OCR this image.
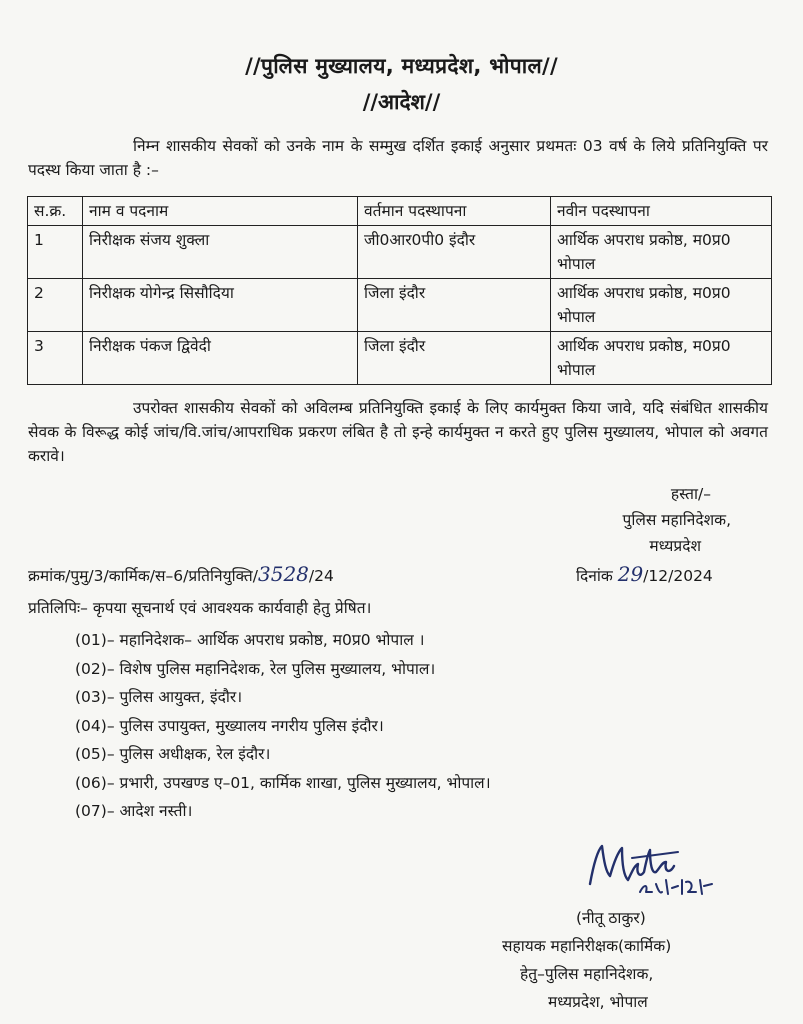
//पुलिस मुख्यालय, मध्यप्रदेश, भोपाल//
//आदेश//
निम्न शासकीय सेवकों को उनके नाम के सम्मुख दर्शित इकाई अनुसार प्रथमतः 03 वर्ष के लिये प्रतिनियुक्ति पर पदस्थ किया जाता है :–
स.क्र.	नाम व पदनाम	वर्तमान पदस्थापना	नवीन पदस्थापना
1	निरीक्षक संजय शुक्ला	जी0आर0पी0 इंदौर	आर्थिक अपराध प्रकोष्ठ, म0प्र0 भोपाल
2	निरीक्षक योगेन्द्र सिसौदिया	जिला इंदौर	आर्थिक अपराध प्रकोष्ठ, म0प्र0 भोपाल
3	निरीक्षक पंकज द्विवेदी	जिला इंदौर	आर्थिक अपराध प्रकोष्ठ, म0प्र0 भोपाल
उपरोक्त शासकीय सेवकों को अविलम्ब प्रतिनियुक्ति इकाई के लिए कार्यमुक्त किया जावे, यदि संबंधित शासकीय सेवक के विरूद्ध कोई जांच/वि.जांच/आपराधिक प्रकरण लंबित है तो इन्हे कार्यमुक्त न करते हुए पुलिस मुख्यालय, भोपाल को अवगत करावे।
हस्ता/–
पुलिस महानिदेशक,
मध्यप्रदेश
क्रमांक/पुमु/3/कार्मिक/स–6/प्रतिनियुक्ति/3528/24	दिनांक 29/12/2024
प्रतिलिपिः– कृपया सूचनार्थ एवं आवश्यक कार्यवाही हेतु प्रेषित।
(01)– महानिदेशक– आर्थिक अपराध प्रकोष्ठ, म0प्र0 भोपाल ।
(02)– विशेष पुलिस महानिदेशक, रेल पुलिस मुख्यालय, भोपाल।
(03)– पुलिस आयुक्त, इंदौर।
(04)– पुलिस उपायुक्त, मुख्यालय नगरीय पुलिस इंदौर।
(05)– पुलिस अधीक्षक, रेल इंदौर।
(06)– प्रभारी, उपखण्ड ए–01, कार्मिक शाखा, पुलिस मुख्यालय, भोपाल।
(07)– आदेश नस्ती।
(नीतू ठाकुर)
सहायक महानिरीक्षक(कार्मिक)
हेतु–पुलिस महानिदेशक,
मध्यप्रदेश, भोपाल
